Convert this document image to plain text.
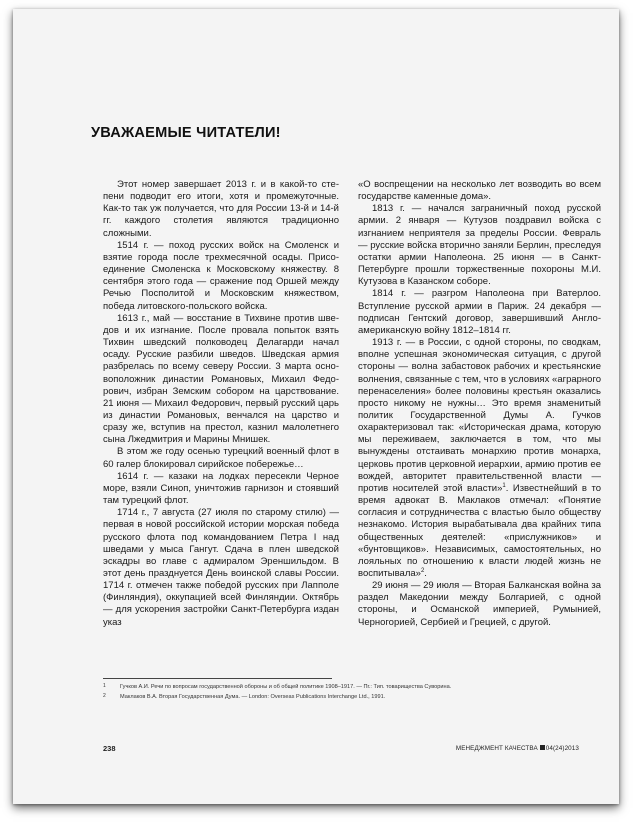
УВАЖАЕМЫЕ ЧИТАТЕЛИ!

Этот номер завершает 2013 г. и в какой-то степени подводит его итоги, хотя и промежуточные. Как-то так уж получается, что для России 13-й и 14-й гг. каждого столетия являются традиционно сложными.

1514 г. — поход русских войск на Смоленск и взятие города после трехмесячной осады. Присоединение Смоленска к Московскому княжеству. 8 сентября этого года — сражение под Оршей между Речью Посполитой и Московским княжеством, победа литовского-польского войска.

1613 г., май — восстание в Тихвине против шведов и их изгнание. После провала попыток взять Тихвин шведский полководец Делагарди начал осаду. Русские разбили шведов. Шведская армия разбрелась по всему северу России. 3 марта основоположник династии Романовых, Михаил Федорович, избран Земским собором на царствование. 21 июня — Михаил Федорович, первый русский царь из династии Романовых, венчался на царство и сразу же, вступив на престол, казнил малолетнего сына Лжедмитрия и Марины Мнишек.

В этом же году осенью турецкий военный флот в 60 галер блокировал сирийское побережье…

1614 г. — казаки на лодках пересекли Черное море, взяли Синоп, уничтожив гарнизон и стоявший там турецкий флот.

1714 г., 7 августа (27 июля по старому стилю) — первая в новой российской истории морская победа русского флота под командованием Петра I над шведами у мыса Гангут. Сдача в плен шведской эскадры во главе с адмиралом Эреншильдом. В этот день празднуется День воинской славы России. 1714 г. отмечен также победой русских при Лапполе (Финляндия), оккупацией всей Финляндии. Октябрь — для ускорения застройки Санкт-Петербурга издан указ

«О воспрещении на несколько лет возводить во всем государстве каменные дома».

1813 г. — начался заграничный поход русской армии. 2 января — Кутузов поздравил войска с изгнанием неприятеля за пределы России. Февраль — русские войска вторично заняли Берлин, преследуя остатки армии Наполеона. 25 июня — в Санкт-Петербурге прошли торжественные похороны М.И. Кутузова в Казанском соборе.

1814 г. — разгром Наполеона при Ватерлоо. Вступление русской армии в Париж. 24 декабря — подписан Гентский договор, завершивший Англо-американскую войну 1812–1814 гг.

1913 г. — в России, с одной стороны, по сводкам, вполне успешная экономическая ситуация, с другой стороны — волна забастовок рабочих и крестьянские волнения, связанные с тем, что в условиях «аграрного перенаселения» более половины крестьян оказались просто никому не нужны… Это время знаменитый политик Государственной Думы А. Гучков охарактеризовал так: «Историческая драма, которую мы переживаем, заключается в том, что мы вынуждены отстаивать монархию против монарха, церковь против церковной иерархии, армию против ее вождей, авторитет правительственной власти — против носителей этой власти»$^1$. Известнейший в то время адвокат В. Маклаков отмечал: «Понятие согласия и сотрудничества с властью было обществу незнакомо. История вырабатывала два крайних типа общественных деятелей: «прислужников» и «бунтовщиков». Независимых, самостоятельных, но лояльных по отношению к власти людей жизнь не воспитывала»$^2$.

29 июня — 29 июля — Вторая Балканская война за раздел Македонии между Болгарией, с одной стороны, и Османской империей, Румынией, Черногорией, Сербией и Грецией, с другой.

1	Гучков А.И. Речи по вопросам государственной обороны и об общей политике 1908–1917. — Пг.: Тип. товарищества Суворина.
2	Маклаков В.А. Вторая Государственная Дума. — London: Overseas Publications Interchange Ltd., 1991.
238	МЕНЕДЖМЕНТ КАЧЕСТВА 04(24)2013
